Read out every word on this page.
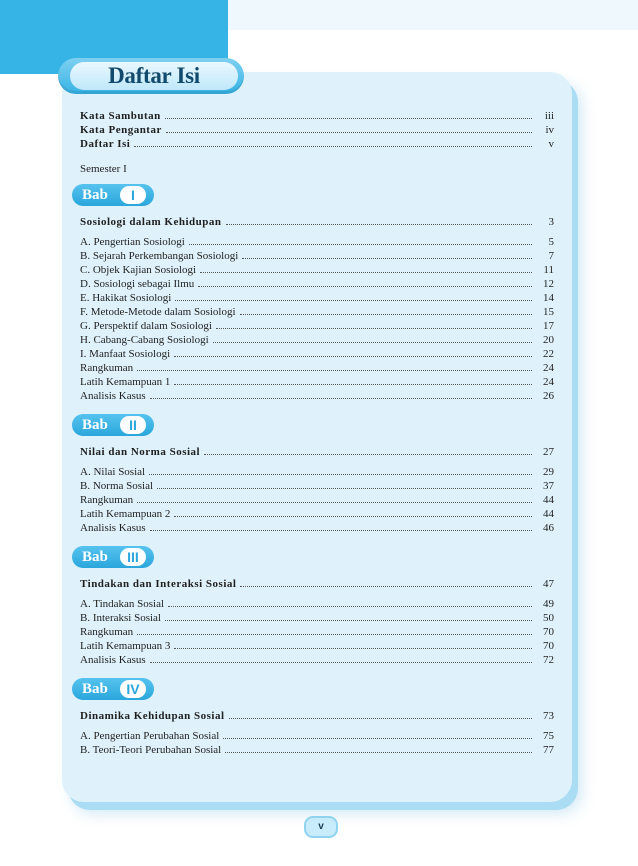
Daftar Isi
Kata Sambutan	iii
Kata Pengantar	iv
Daftar Isi	v
Semester I
Bab	I
Sosiologi dalam Kehidupan	3
A. Pengertian Sosiologi	5
B. Sejarah Perkembangan Sosiologi	7
C. Objek Kajian Sosiologi	11
D. Sosiologi sebagai Ilmu	12
E. Hakikat Sosiologi	14
F. Metode-Metode dalam Sosiologi	15
G. Perspektif dalam Sosiologi	17
H. Cabang-Cabang Sosiologi	20
I. Manfaat Sosiologi	22
Rangkuman	24
Latih Kemampuan 1	24
Analisis Kasus	26
Bab	II
Nilai dan Norma Sosial	27
A. Nilai Sosial	29
B. Norma Sosial	37
Rangkuman	44
Latih Kemampuan 2	44
Analisis Kasus	46
Bab	III
Tindakan dan Interaksi Sosial	47
A. Tindakan Sosial	49
B. Interaksi Sosial	50
Rangkuman	70
Latih Kemampuan 3	70
Analisis Kasus	72
Bab	IV
Dinamika Kehidupan Sosial	73
A. Pengertian Perubahan Sosial	75
B. Teori-Teori Perubahan Sosial	77
v
